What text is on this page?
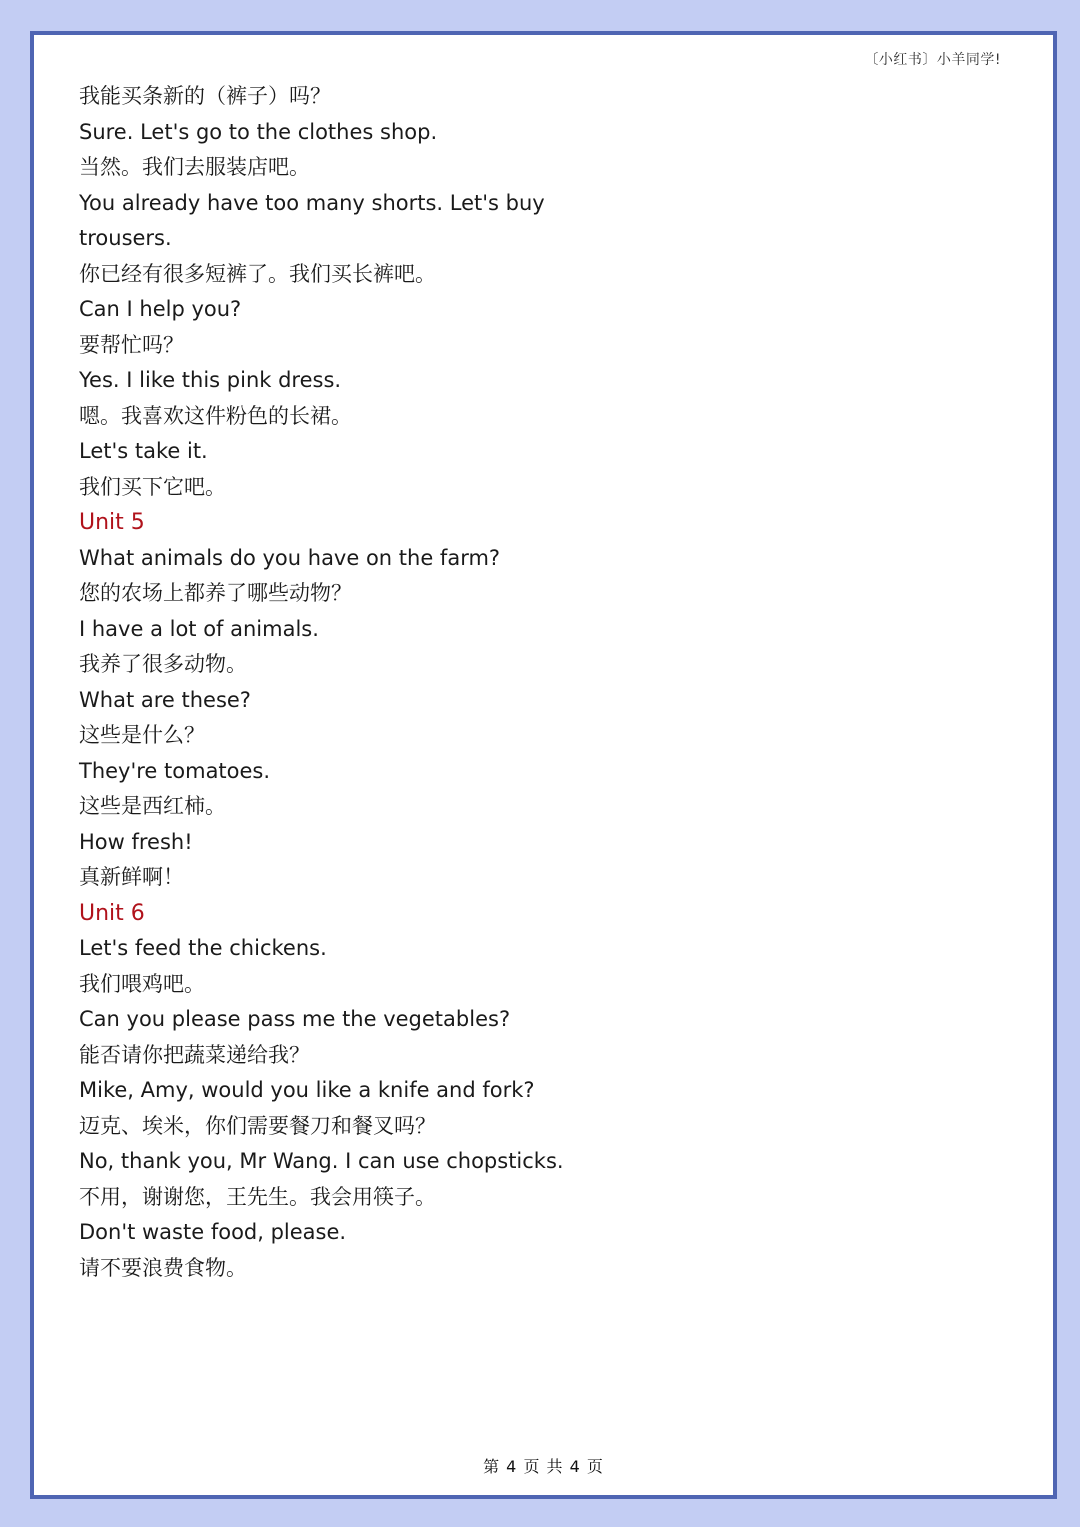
〔小红书〕小羊同学!
我能买条新的（裤子）吗？
Sure. Let's go to the clothes shop.
当然。我们去服装店吧。
You already have too many shorts. Let's buy
trousers.
你已经有很多短裤了。我们买长裤吧。
Can I help you?
要帮忙吗？
Yes. I like this pink dress.
嗯。我喜欢这件粉色的长裙。
Let's take it.
我们买下它吧。
Unit 5
What animals do you have on the farm?
您的农场上都养了哪些动物？
I have a lot of animals.
我养了很多动物。
What are these?
这些是什么？
They're tomatoes.
这些是西红柿。
How fresh!
真新鲜啊！
Unit 6
Let's feed the chickens.
我们喂鸡吧。
Can you please pass me the vegetables?
能否请你把蔬菜递给我？
Mike, Amy, would you like a knife and fork?
迈克、埃米，你们需要餐刀和餐叉吗？
No, thank you, Mr Wang. I can use chopsticks.
不用，谢谢您，王先生。我会用筷子。
Don't waste food, please.
请不要浪费食物。
第 4 页 共 4 页
